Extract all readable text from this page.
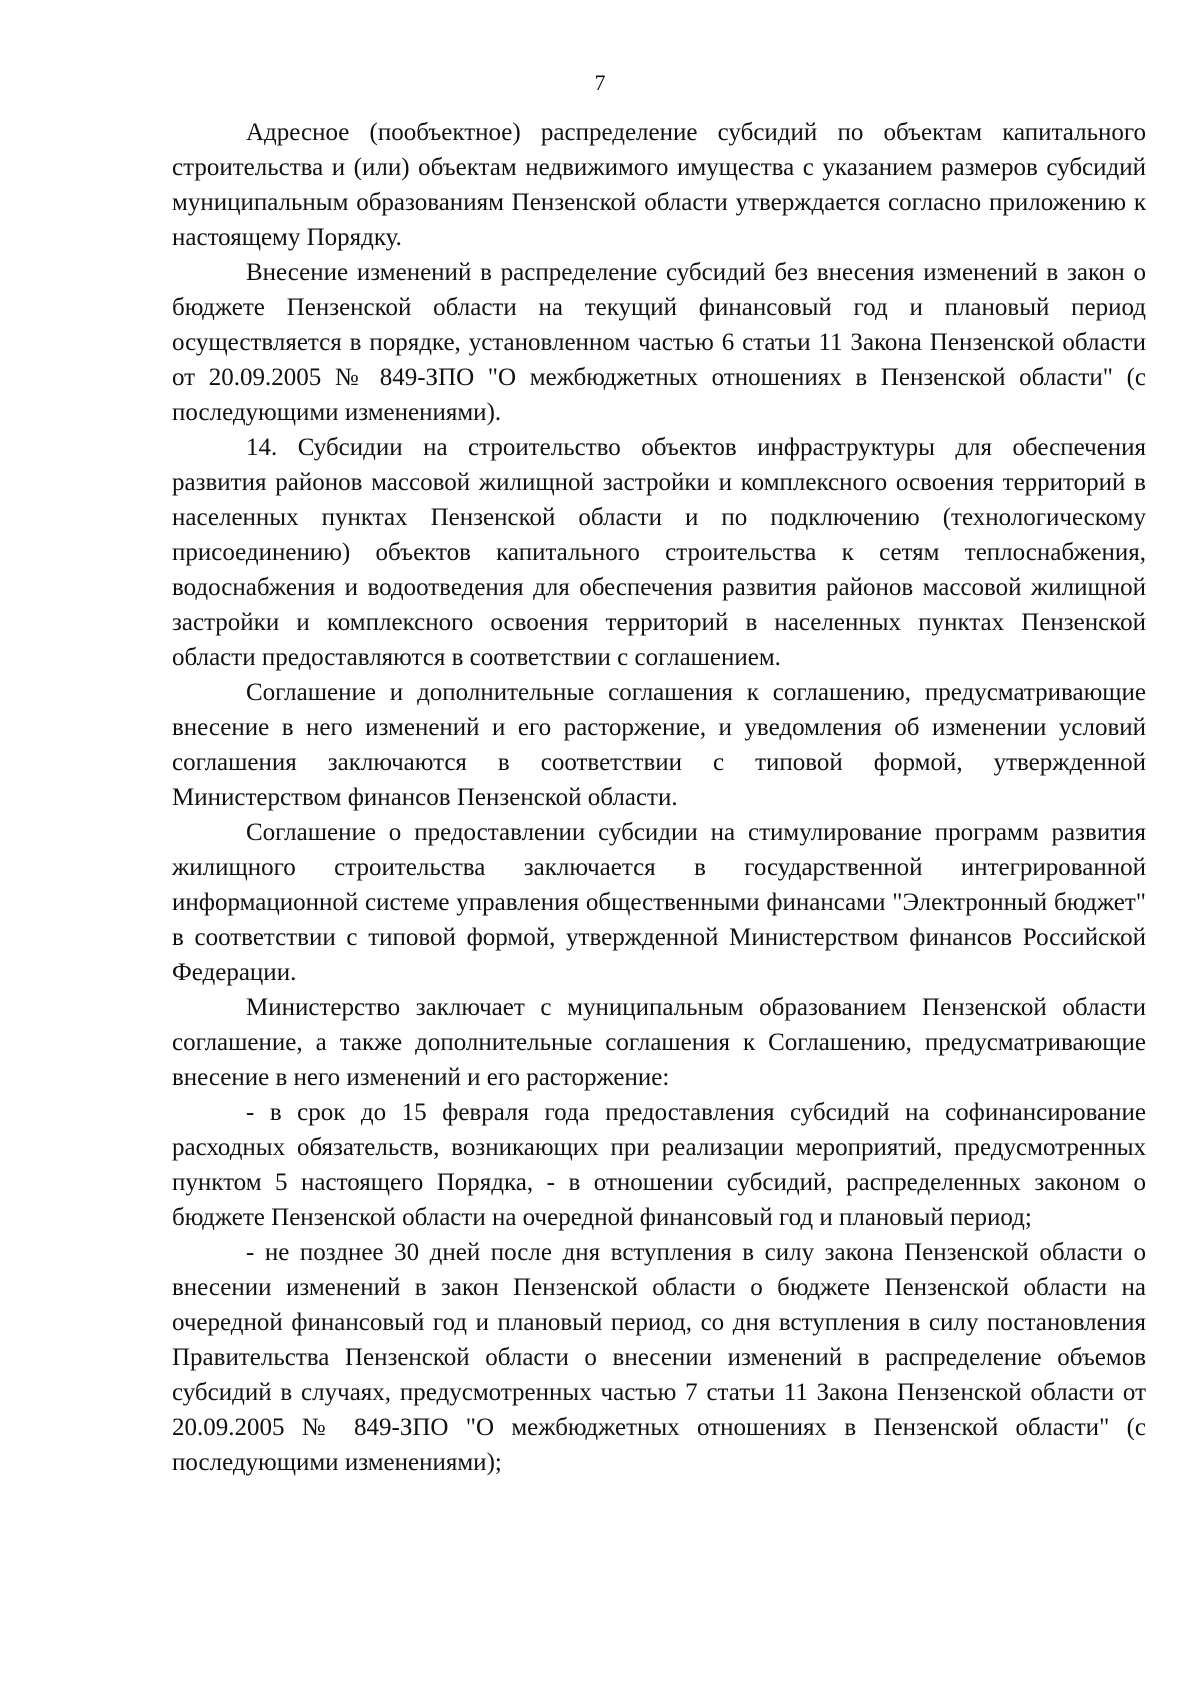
7

Адресное (пообъектное) распределение субсидий по объектам капитального строительства и (или) объектам недвижимого имущества с указанием размеров субсидий муниципальным образованиям Пензенской области утверждается согласно приложению к настоящему Порядку.

Внесение изменений в распределение субсидий без внесения изменений в закон о бюджете Пензенской области на текущий финансовый год и плановый период осуществляется в порядке, установленном частью 6 статьи 11 Закона Пензенской области от 20.09.2005 № 849-ЗПО "О межбюджетных отношениях в Пензенской области" (с последующими изменениями).

14. Субсидии на строительство объектов инфраструктуры для обеспечения развития районов массовой жилищной застройки и комплексного освоения территорий в населенных пунктах Пензенской области и по подключению (технологическому присоединению) объектов капитального строительства к сетям теплоснабжения, водоснабжения и водоотведения для обеспечения развития районов массовой жилищной застройки и комплексного освоения территорий в населенных пунктах Пензенской области предоставляются в соответствии с соглашением.

Соглашение и дополнительные соглашения к соглашению, предусматривающие внесение в него изменений и его расторжение, и уведомления об изменении условий соглашения заключаются в соответствии с типовой формой, утвержденной Министерством финансов Пензенской области.

Соглашение о предоставлении субсидии на стимулирование программ развития жилищного строительства заключается в государственной интегрированной информационной системе управления общественными финансами "Электронный бюджет" в соответствии с типовой формой, утвержденной Министерством финансов Российской Федерации.

Министерство заключает с муниципальным образованием Пензенской области соглашение, а также дополнительные соглашения к Соглашению, предусматривающие внесение в него изменений и его расторжение:

- в срок до 15 февраля года предоставления субсидий на софинансирование расходных обязательств, возникающих при реализации мероприятий, предусмотренных пунктом 5 настоящего Порядка, - в отношении субсидий, распределенных законом о бюджете Пензенской области на очередной финансовый год и плановый период;

- не позднее 30 дней после дня вступления в силу закона Пензенской области о внесении изменений в закон Пензенской области о бюджете Пензенской области на очередной финансовый год и плановый период, со дня вступления в силу постановления Правительства Пензенской области о внесении изменений в распределение объемов субсидий в случаях, предусмотренных частью 7 статьи 11 Закона Пензенской области от 20.09.2005 № 849-ЗПО "О межбюджетных отношениях в Пензенской области" (с последующими изменениями);
